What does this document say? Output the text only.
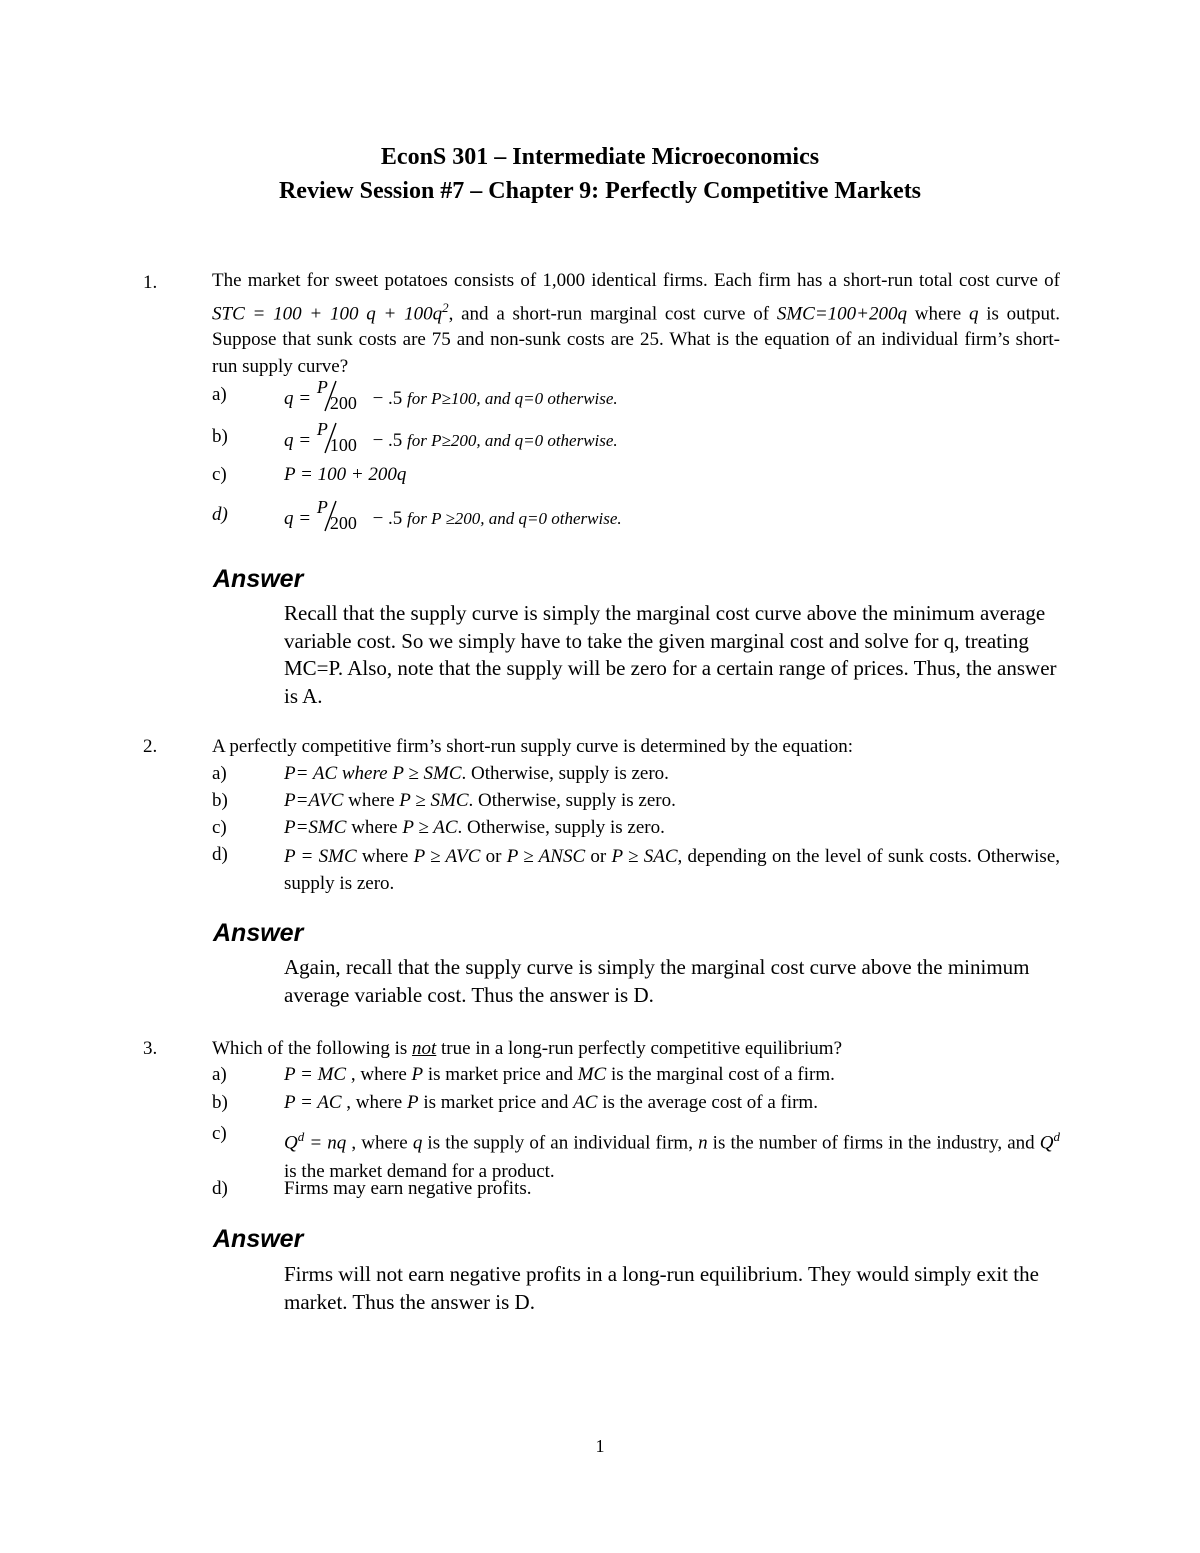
EconS 301 – Intermediate Microeconomics
Review Session #7 – Chapter 9: Perfectly Competitive Markets
1.	The market for sweet potatoes consists of 1,000 identical firms. Each firm has a short-run total cost curve of STC = 100 + 100 $q + 100q^2$, and a short-run marginal cost curve of SMC=100+200q where q is output. Suppose that sunk costs are 75 and non-sunk costs are 25. What is the equation of an individual firm’s short-run supply curve?
a)	q =
P
200 − .5 for P≥100, and q=0 otherwise.
b)	q =
P
100 − .5 for P≥200, and q=0 otherwise.
c)	P = 100 + 200q
d)	q =
P
200 − .5 for P ≥200, and q=0 otherwise.
Answer
Recall that the supply curve is simply the marginal cost curve above the minimum average variable cost. So we simply have to take the given marginal cost and solve for q, treating MC=P. Also, note that the supply will be zero for a certain range of prices. Thus, the answer is A.
2.	A perfectly competitive firm’s short-run supply curve is determined by the equation:
a)	P= AC where P ≥ SMC. Otherwise, supply is zero.
b)	P=AVC where P ≥ SMC. Otherwise, supply is zero.
c)	P=SMC where P ≥ AC. Otherwise, supply is zero.
d)	P = SMC where P ≥ AVC or P ≥ ANSC or P ≥ SAC, depending on the level of sunk costs. Otherwise, supply is zero.
Answer
Again, recall that the supply curve is simply the marginal cost curve above the minimum average variable cost. Thus the answer is D.
3.	Which of the following is not true in a long-run perfectly competitive equilibrium?
a)	P = MC , where P is market price and MC is the marginal cost of a firm.
b)	P = AC , where P is market price and AC is the average cost of a firm.
c)	$Q^d$ = nq , where q is the supply of an individual firm, n is the number of firms in the industry, and $Q^d$ is the market demand for a product.
d)	Firms may earn negative profits.
Answer
Firms will not earn negative profits in a long-run equilibrium. They would simply exit the market. Thus the answer is D.
1
